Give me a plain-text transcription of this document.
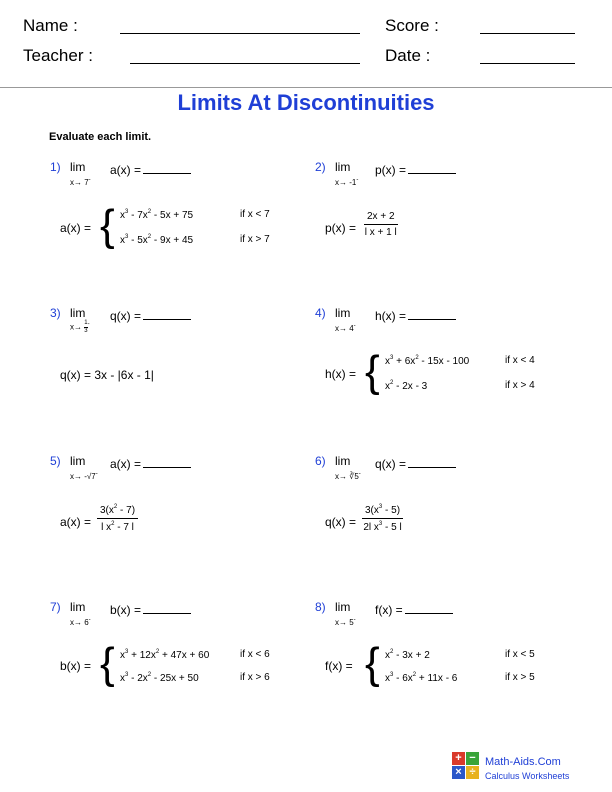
Name :
Teacher :
Score :
Date :
Limits At Discontinuities
Evaluate each limit.
1) lim
x→ 7-
a(x) =
a(x) = { $x^3 - 7x^2 - 5x + 75$	if x < 7
$x^3 - 5x^2 - 9x + 45$	if x > 7
2) lim
x→ -1-
p(x) =
$p(x) = \frac{2x + 2}{\text{l x + 1 l}}$
3) lim
$x\to \frac{1}{3} ^-$
q(x) =
q(x) = 3x - |6x - 1|
4) lim
x→ 4-
h(x) =
h(x) = { $x^3 + 6x^2 - 15x - 100$	if x < 4
$x^2 - 2x - 3$	if x > 4
5) lim
x→ -√7-
a(x) =
$a(x) = \frac{3(x^2 - 7)}{l x^2 - 7 l}$
6) lim
x→ ∛5-
q(x) =
$q(x) = \frac{3(x^3 - 5)}{2l x^3 - 5 l}$
7) lim
x→ 6-
b(x) =
b(x) = { $x^3 + 12x^2 + 47x + 60$	if x < 6
$x^3 - 2x^2 - 25x + 50$	if x > 6
8) lim
x→ 5-
f(x) =
f(x) = { $x^2 - 3x + 2$	if x < 5
$x^3 - 6x^2 + 11x - 6$	if x > 5
+ −
× ÷
Math-Aids.Com
Calculus Worksheets
